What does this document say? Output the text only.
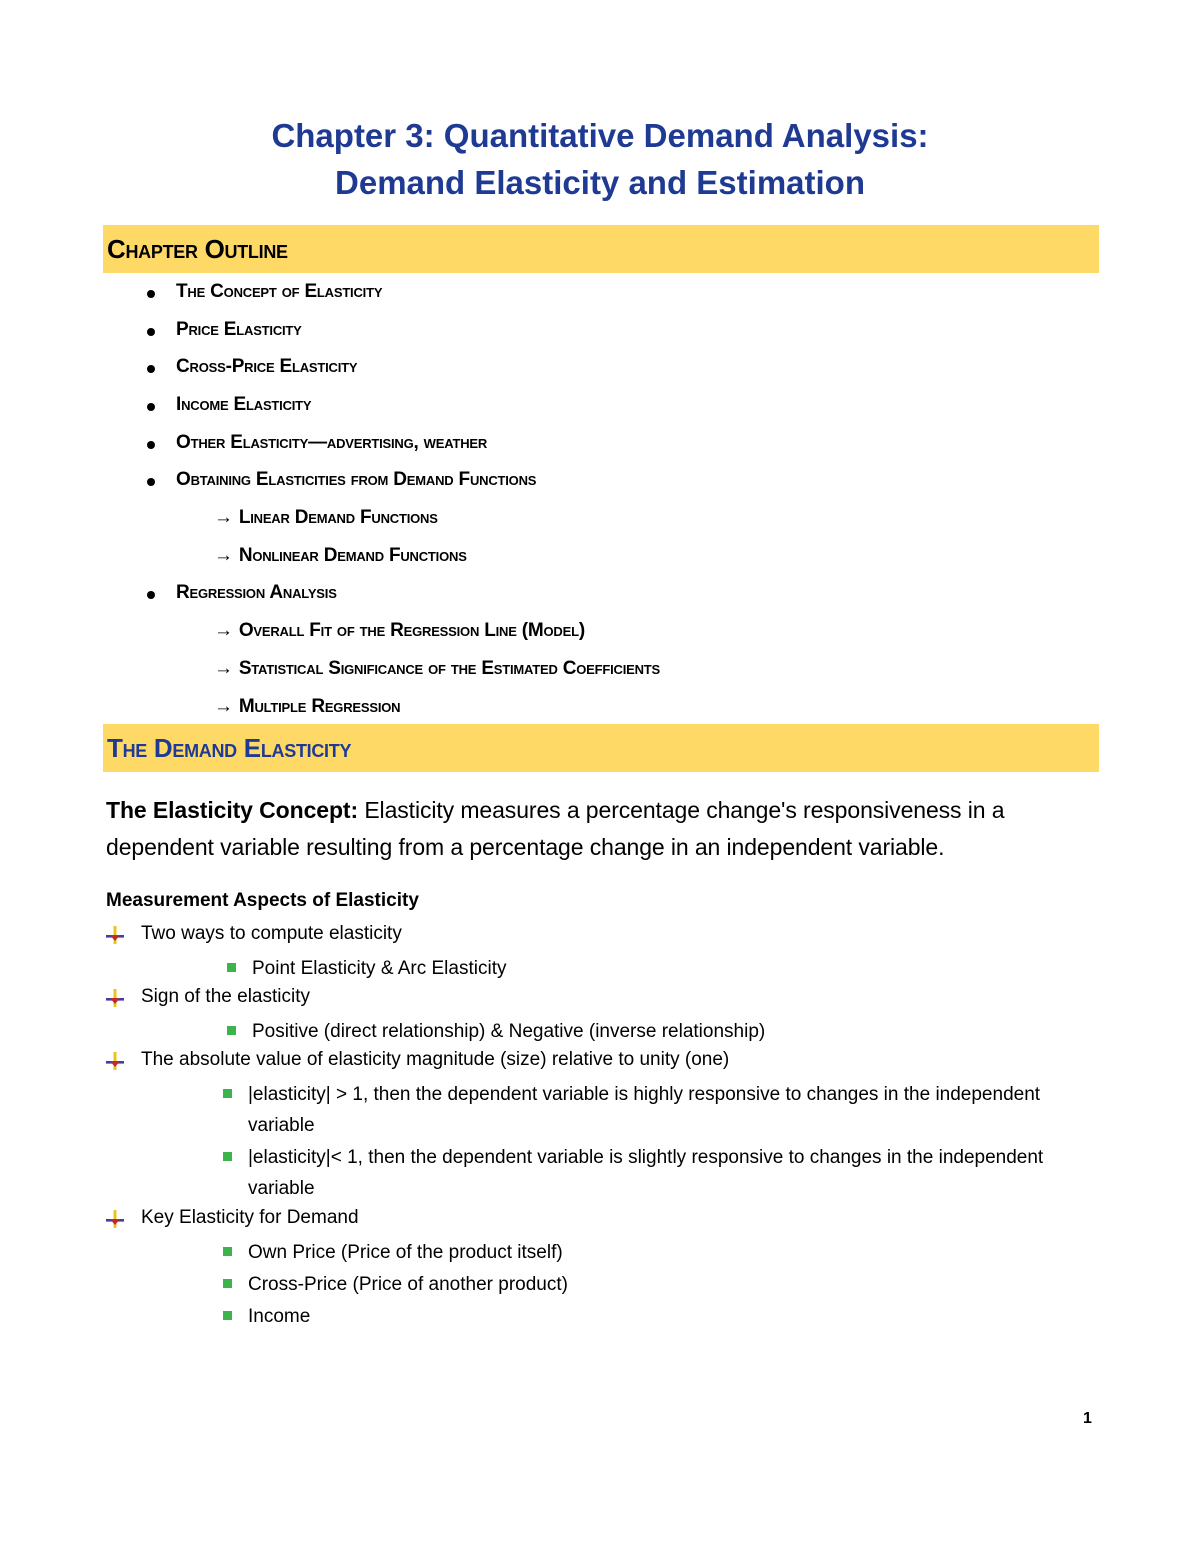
Chapter 3: Quantitative Demand Analysis:
Demand Elasticity and Estimation
Chapter Outline
The Concept of Elasticity
Price Elasticity
Cross-Price Elasticity
Income Elasticity
Other Elasticity—advertising, weather
Obtaining Elasticities from Demand Functions
→ Linear Demand Functions
→ Nonlinear Demand Functions
Regression Analysis
→ Overall Fit of the Regression Line (Model)
→ Statistical Significance of the Estimated Coefficients
→ Multiple Regression
The Demand Elasticity
The Elasticity Concept: Elasticity measures a percentage change's responsiveness in a dependent variable resulting from a percentage change in an independent variable.
Measurement Aspects of Elasticity
Two ways to compute elasticity
Point Elasticity & Arc Elasticity
Sign of the elasticity
Positive (direct relationship) & Negative (inverse relationship)
The absolute value of elasticity magnitude (size) relative to unity (one)
|elasticity| > 1, then the dependent variable is highly responsive to changes in the independent variable
|elasticity|< 1, then the dependent variable is slightly responsive to changes in the independent variable
Key Elasticity for Demand
Own Price (Price of the product itself)
Cross-Price (Price of another product)
Income
1
